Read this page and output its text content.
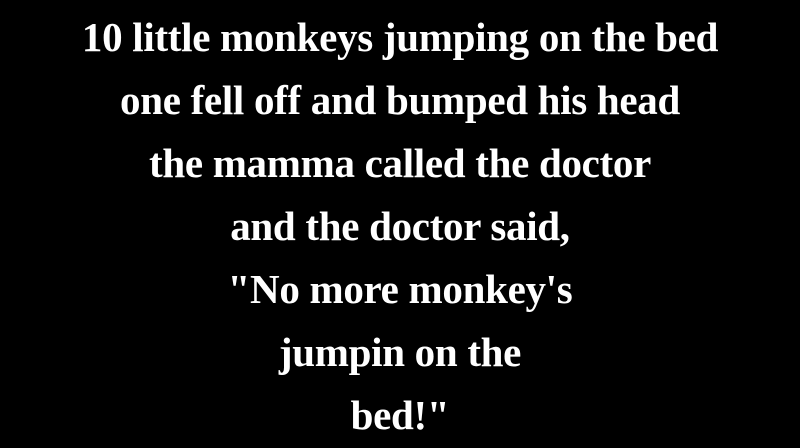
10 little monkeys jumping on the bed
one fell off and bumped his head
the mamma called the doctor
and the doctor said,
"No more monkey's
jumpin on the
bed!"
